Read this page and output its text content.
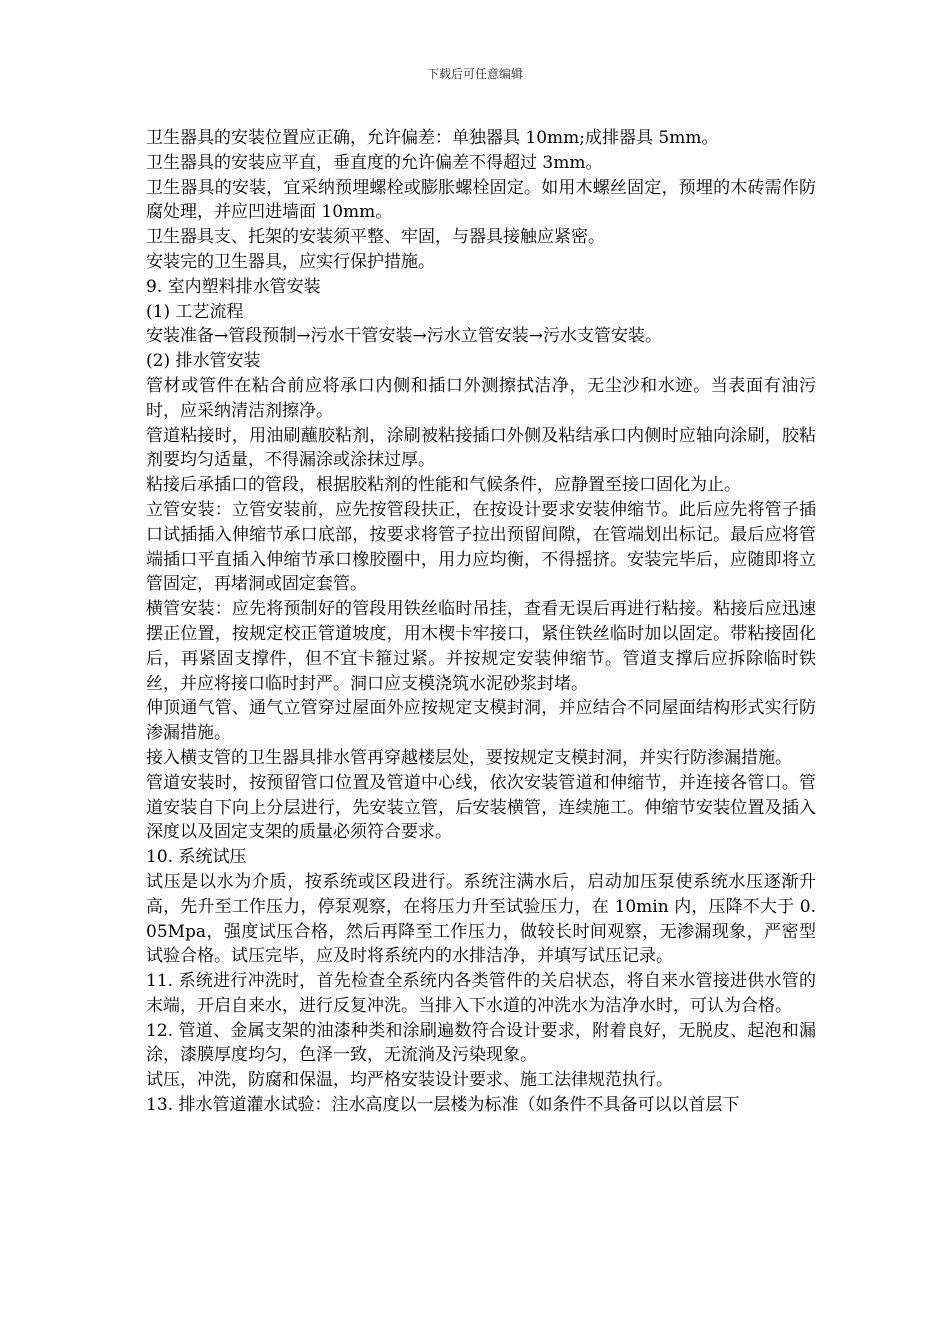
下载后可任意编辑

卫生器具的安装位置应正确，允许偏差：单独器具 10mm;成排器具 5mm。

卫生器具的安装应平直，垂直度的允许偏差不得超过 3mm。

卫生器具的安装，宜采纳预埋螺栓或膨胀螺栓固定。如用木螺丝固定，预埋的木砖需作防腐处理，并应凹进墙面 10mm。

卫生器具支、托架的安装须平整、牢固，与器具接触应紧密。

安装完的卫生器具，应实行保护措施。

9. 室内塑料排水管安装

(1) 工艺流程

安装准备→管段预制→污水干管安装→污水立管安装→污水支管安装。

(2) 排水管安装

管材或管件在粘合前应将承口内侧和插口外测擦拭洁净，无尘沙和水迹。当表面有油污时，应采纳清洁剂擦净。

管道粘接时，用油刷蘸胶粘剂，涂刷被粘接插口外侧及粘结承口内侧时应轴向涂刷，胶粘剂要均匀适量，不得漏涂或涂抹过厚。

粘接后承插口的管段，根据胶粘剂的性能和气候条件，应静置至接口固化为止。

立管安装：立管安装前，应先按管段扶正，在按设计要求安装伸缩节。此后应先将管子插口试插插入伸缩节承口底部，按要求将管子拉出预留间隙，在管端划出标记。最后应将管端插口平直插入伸缩节承口橡胶圈中，用力应均衡，不得摇挤。安装完毕后，应随即将立管固定，再堵洞或固定套管。

横管安装：应先将预制好的管段用铁丝临时吊挂，查看无误后再进行粘接。粘接后应迅速摆正位置，按规定校正管道坡度，用木楔卡牢接口，紧住铁丝临时加以固定。带粘接固化后，再紧固支撑件，但不宜卡箍过紧。并按规定安装伸缩节。管道支撑后应拆除临时铁丝，并应将接口临时封严。洞口应支模浇筑水泥砂浆封堵。

伸顶通气管、通气立管穿过屋面外应按规定支模封洞，并应结合不同屋面结构形式实行防渗漏措施。

接入横支管的卫生器具排水管再穿越楼层处，要按规定支模封洞，并实行防渗漏措施。

管道安装时，按预留管口位置及管道中心线，依次安装管道和伸缩节，并连接各管口。管道安装自下向上分层进行，先安装立管，后安装横管，连续施工。伸缩节安装位置及插入深度以及固定支架的质量必须符合要求。

10. 系统试压

试压是以水为介质，按系统或区段进行。系统注满水后，启动加压泵使系统水压逐渐升高，先升至工作压力，停泵观察，在将压力升至试验压力，在 10min 内，压降不大于 0.05Mpa，强度试压合格，然后再降至工作压力，做较长时间观察，无渗漏现象，严密型试验合格。试压完毕，应及时将系统内的水排洁净，并填写试压记录。

11. 系统进行冲洗时，首先检查全系统内各类管件的关启状态，将自来水管接进供水管的末端，开启自来水，进行反复冲洗。当排入下水道的冲洗水为洁净水时，可认为合格。

12. 管道、金属支架的油漆种类和涂刷遍数符合设计要求，附着良好，无脱皮、起泡和漏涂，漆膜厚度均匀，色泽一致，无流淌及污染现象。

试压，冲洗，防腐和保温，均严格安装设计要求、施工法律规范执行。

13. 排水管道灌水试验：注水高度以一层楼为标准（如条件不具备可以以首层下
